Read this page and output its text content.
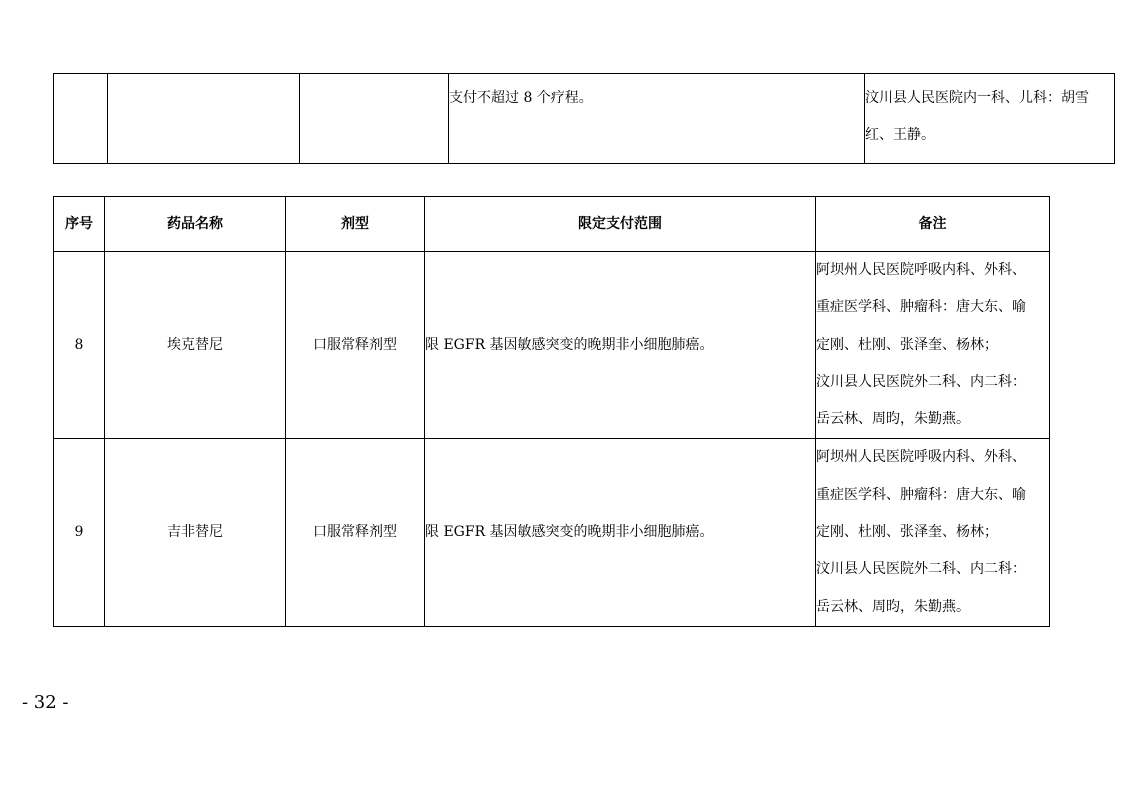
			支付不超过 8 个疗程。	汶川县人民医院内一科、儿科：胡雪
红、王静。
序号	药品名称	剂型	限定支付范围	备注
8	埃克替尼	口服常释剂型	限 EGFR 基因敏感突变的晚期非小细胞肺癌。	阿坝州人民医院呼吸内科、外科、
重症医学科、肿瘤科：唐大东、喻
定刚、杜刚、张泽奎、杨林；
汶川县人民医院外二科、内二科：
岳云林、周昀，朱勤燕。

9	吉非替尼	口服常释剂型	限 EGFR 基因敏感突变的晚期非小细胞肺癌。	阿坝州人民医院呼吸内科、外科、
重症医学科、肿瘤科：唐大东、喻
定刚、杜刚、张泽奎、杨林；
汶川县人民医院外二科、内二科：
岳云林、周昀，朱勤燕。
- 32 -
